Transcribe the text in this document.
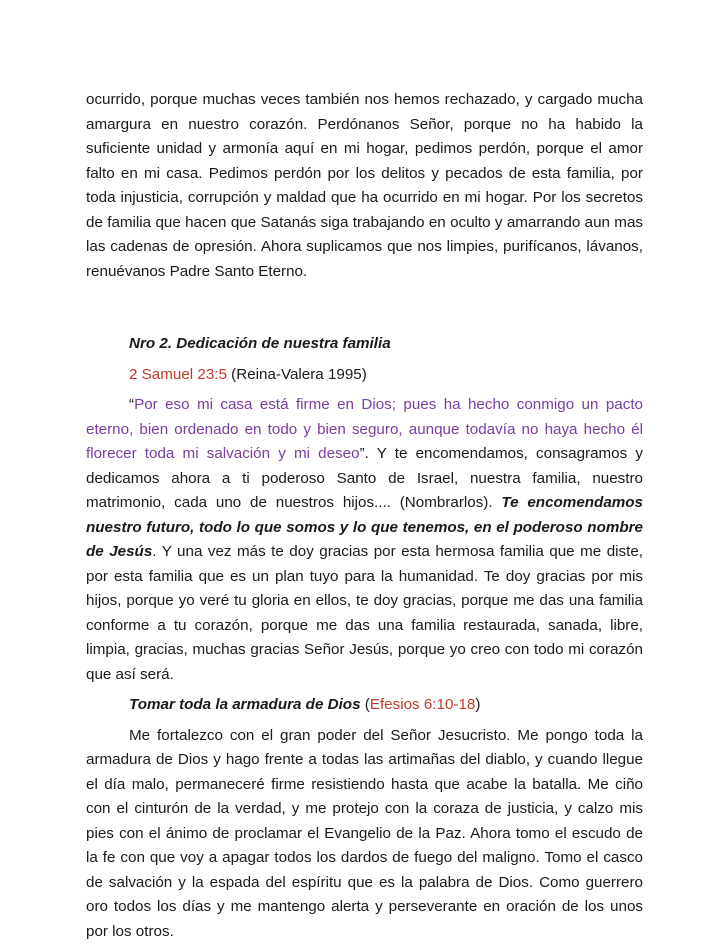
ocurrido, porque muchas veces también nos hemos rechazado, y cargado mucha amargura en nuestro corazón. Perdónanos Señor, porque no ha habido la suficiente unidad y armonía aquí en mi hogar, pedimos perdón, porque el amor falto en mi casa. Pedimos perdón por los delitos y pecados de esta familia, por toda injusticia, corrupción y maldad que ha ocurrido en mi hogar. Por los secretos de familia que hacen que Satanás siga trabajando en oculto y amarrando aun mas las cadenas de opresión. Ahora suplicamos que nos limpies, purifícanos, lávanos, renuévanos Padre Santo Eterno.

Nro 2. Dedicación de nuestra familia

2 Samuel 23:5 (Reina-Valera 1995)

“Por eso mi casa está firme en Dios; pues ha hecho conmigo un pacto eterno, bien ordenado en todo y bien seguro, aunque todavía no haya hecho él florecer toda mi salvación y mi deseo”. Y te encomendamos, consagramos y dedicamos ahora a ti poderoso Santo de Israel, nuestra familia, nuestro matrimonio, cada uno de nuestros hijos.... (Nombrarlos). Te encomendamos nuestro futuro, todo lo que somos y lo que tenemos, en el poderoso nombre de Jesús. Y una vez más te doy gracias por esta hermosa familia que me diste, por esta familia que es un plan tuyo para la humanidad. Te doy gracias por mis hijos, porque yo veré tu gloria en ellos, te doy gracias, porque me das una familia conforme a tu corazón, porque me das una familia restaurada, sanada, libre, limpia, gracias, muchas gracias Señor Jesús, porque yo creo con todo mi corazón que así será.

Tomar toda la armadura de Dios (Efesios 6:10-18)

Me fortalezco con el gran poder del Señor Jesucristo. Me pongo toda la armadura de Dios y hago frente a todas las artimañas del diablo, y cuando llegue el día malo, permaneceré firme resistiendo hasta que acabe la batalla. Me ciño con el cinturón de la verdad, y me protejo con la coraza de justicia, y calzo mis pies con el ánimo de proclamar el Evangelio de la Paz. Ahora tomo el escudo de la fe con que voy a apagar todos los dardos de fuego del maligno. Tomo el casco de salvación y la espada del espíritu que es la palabra de Dios. Como guerrero oro todos los días y me mantengo alerta y perseverante en oración de los unos por los otros.
